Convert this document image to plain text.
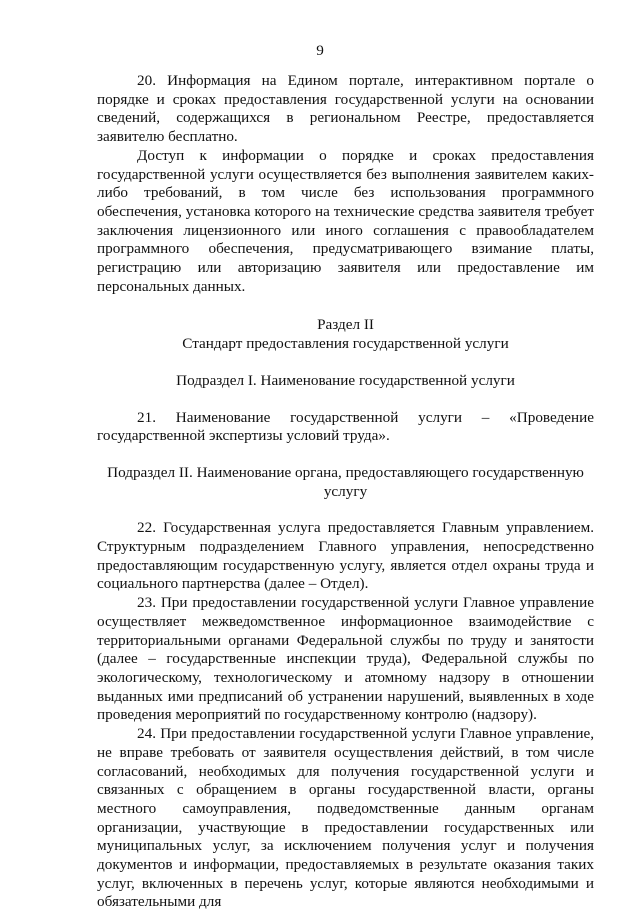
9

20. Информация на Едином портале, интерактивном портале о порядке и сроках предоставления государственной услуги на основании сведений, содержащихся в региональном Реестре, предоставляется заявителю бесплатно.

Доступ к информации о порядке и сроках предоставления государственной услуги осуществляется без выполнения заявителем каких-либо требований, в том числе без использования программного обеспечения, установка которого на технические средства заявителя требует заключения лицензионного или иного соглашения с правообладателем программного обеспечения, предусматривающего взимание платы, регистрацию или авторизацию заявителя или предоставление им персональных данных.

Раздел II

Стандарт предоставления государственной услуги

Подраздел I. Наименование государственной услуги

21. Наименование государственной услуги – «Проведение государственной экспертизы условий труда».

Подраздел II. Наименование органа, предоставляющего государственную услугу

22. Государственная услуга предоставляется Главным управлением. Структурным подразделением Главного управления, непосредственно предоставляющим государственную услугу, является отдел охраны труда и социального партнерства (далее – Отдел).

23. При предоставлении государственной услуги Главное управление осуществляет межведомственное информационное взаимодействие с территориальными органами Федеральной службы по труду и занятости (далее – государственные инспекции труда), Федеральной службы по экологическому, технологическому и атомному надзору в отношении выданных ими предписаний об устранении нарушений, выявленных в ходе проведения мероприятий по государственному контролю (надзору).

24. При предоставлении государственной услуги Главное управление, не вправе требовать от заявителя осуществления действий, в том числе согласований, необходимых для получения государственной услуги и связанных с обращением в органы государственной власти, органы местного самоуправления, подведомственные данным органам организации, участвующие в предоставлении государственных или муниципальных услуг, за исключением получения услуг и получения документов и информации, предоставляемых в результате оказания таких услуг, включенных в перечень услуг, которые являются необходимыми и обязательными для
